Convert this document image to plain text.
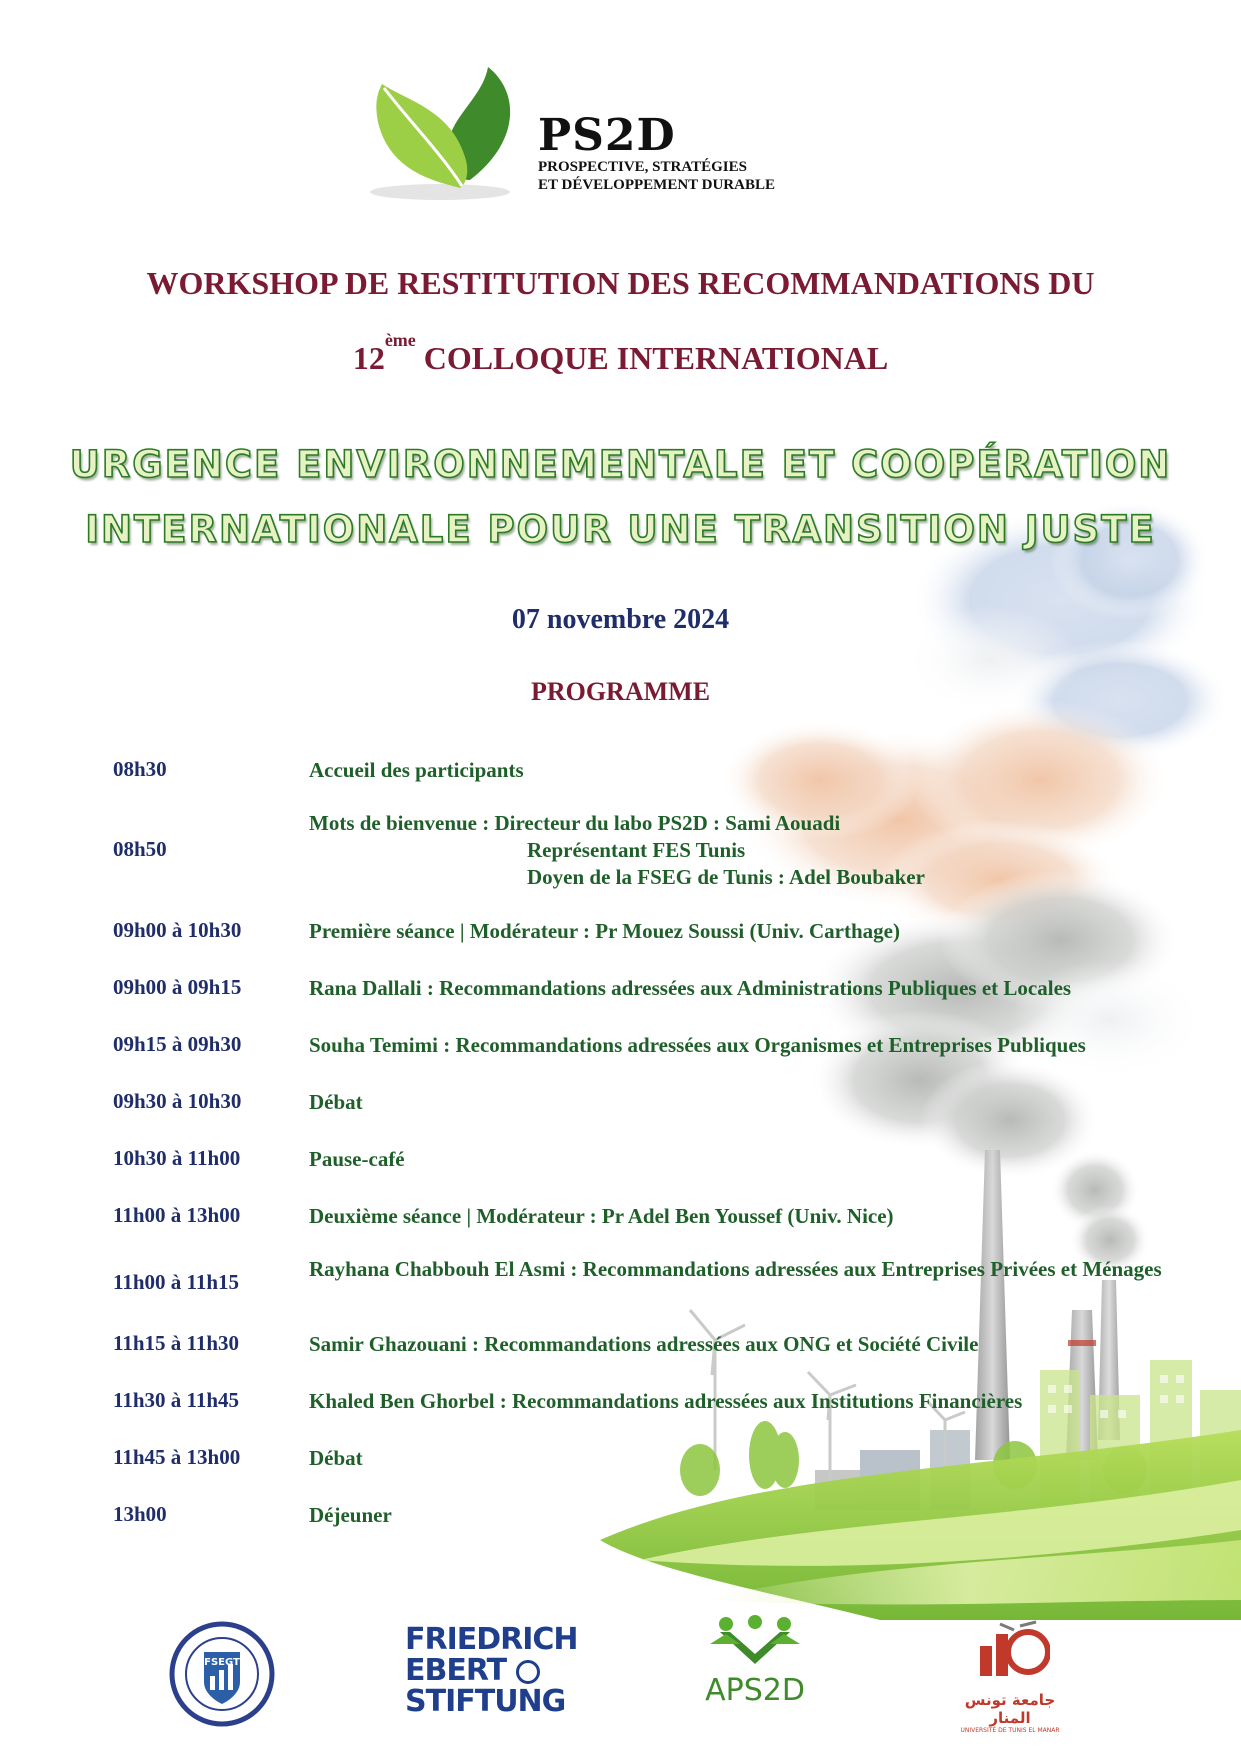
PS2D
PROSPECTIVE, STRATÉGIES
ET DÉVELOPPEMENT DURABLE
WORKSHOP DE RESTITUTION DES RECOMMANDATIONS DU
12ème COLLOQUE INTERNATIONAL
URGENCE ENVIRONNEMENTALE ET COOPÉRATION
INTERNATIONALE POUR UNE TRANSITION JUSTE
07 novembre 2024
PROGRAMME
08h30	Accueil des participants
08h50
Mots de bienvenue : Directeur du labo PS2D : Sami Aouadi
Représentant FES Tunis
Doyen de la FSEG de Tunis : Adel Boubaker
09h00 à 10h30	Première séance | Modérateur : Pr Mouez Soussi (Univ. Carthage)
09h00 à 09h15	Rana Dallali : Recommandations adressées aux Administrations Publiques et Locales
09h15 à 09h30	Souha Temimi : Recommandations adressées aux Organismes et Entreprises Publiques
09h30 à 10h30	Débat
10h30 à 11h00	Pause-café
11h00 à 13h00	Deuxième séance | Modérateur : Pr Adel Ben Youssef (Univ. Nice)
11h00 à 11h15
Rayhana Chabbouh El Asmi : Recommandations adressées aux Entreprises Privées et Ménages
11h15 à 11h30	Samir Ghazouani : Recommandations adressées aux ONG et Société Civile
11h30 à 11h45	Khaled Ben Ghorbel : Recommandations adressées aux Institutions Financières
11h45 à 13h00	Débat
13h00	Déjeuner
FSEGT
FRIEDRICH
EBERT
STIFTUNG	APS2D	جامعة تونس المنار
UNIVERSITÉ DE TUNIS EL MANAR
